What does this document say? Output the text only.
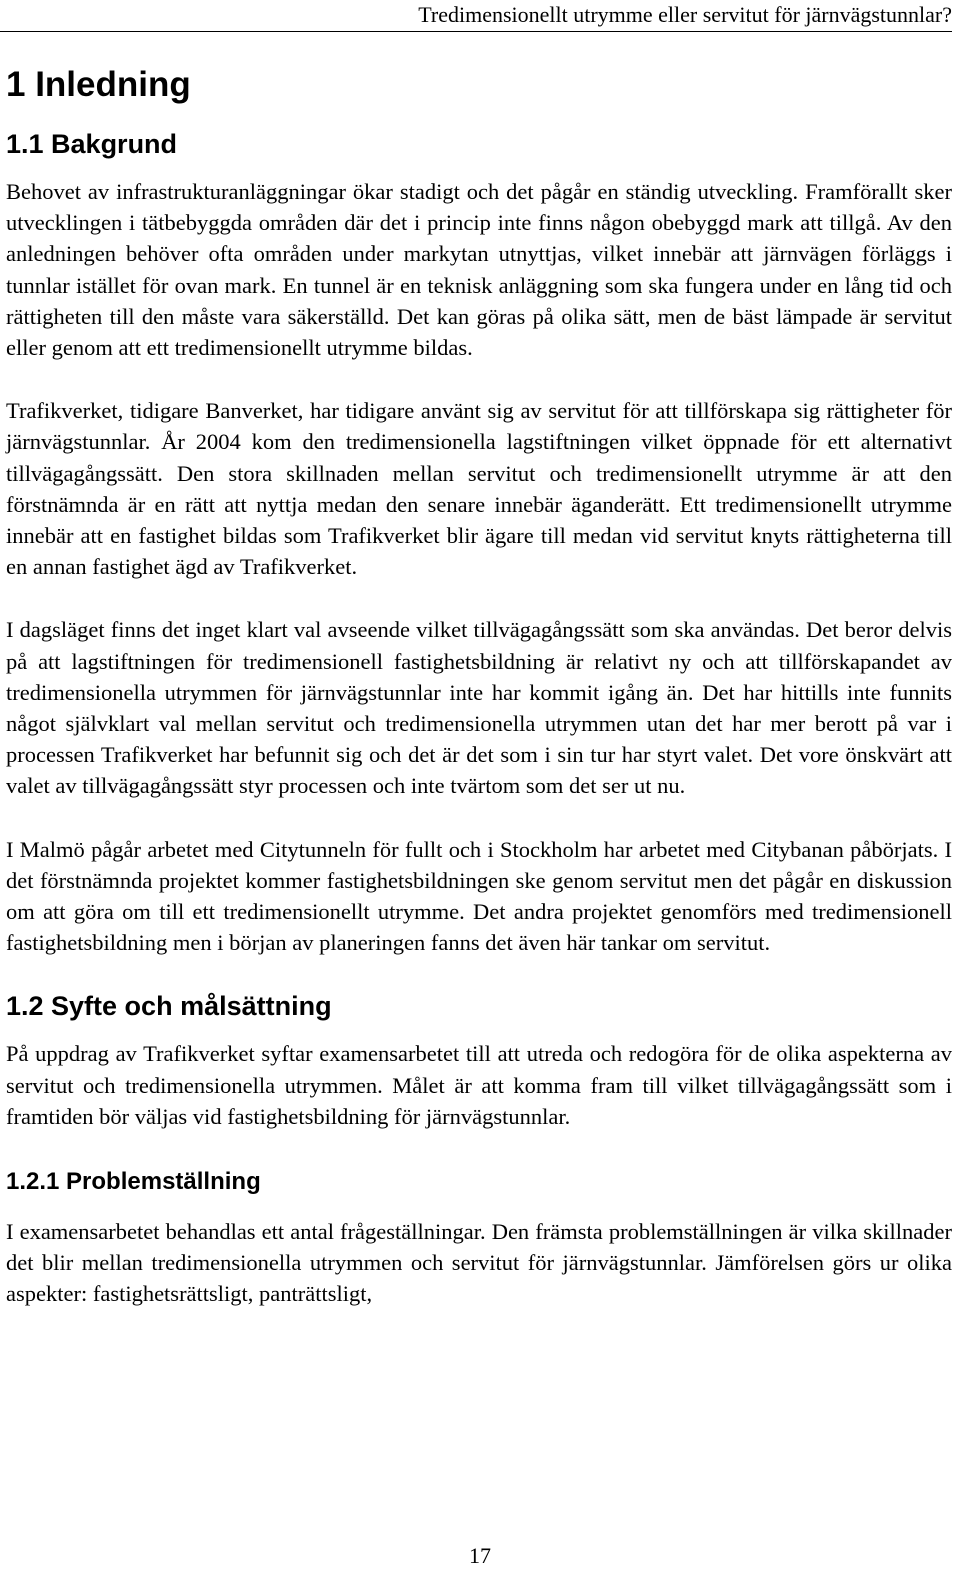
Tredimensionellt utrymme eller servitut för järnvägstunnlar?
1 Inledning
1.1 Bakgrund

Behovet av infrastrukturanläggningar ökar stadigt och det pågår en ständig utveckling. Framförallt sker utvecklingen i tätbebyggda områden där det i princip inte finns någon obebyggd mark att tillgå. Av den anledningen behöver ofta områden under markytan utnyttjas, vilket innebär att järnvägen förläggs i tunnlar istället för ovan mark. En tunnel är en teknisk anläggning som ska fungera under en lång tid och rättigheten till den måste vara säkerställd. Det kan göras på olika sätt, men de bäst lämpade är servitut eller genom att ett tredimensionellt utrymme bildas.

Trafikverket, tidigare Banverket, har tidigare använt sig av servitut för att tillförskapa sig rättigheter för järnvägstunnlar. År 2004 kom den tredimensionella lagstiftningen vilket öppnade för ett alternativt tillvägagångssätt. Den stora skillnaden mellan servitut och tredimensionellt utrymme är att den förstnämnda är en rätt att nyttja medan den senare innebär äganderätt. Ett tredimensionellt utrymme innebär att en fastighet bildas som Trafikverket blir ägare till medan vid servitut knyts rättigheterna till en annan fastighet ägd av Trafikverket.

I dagsläget finns det inget klart val avseende vilket tillvägagångssätt som ska användas. Det beror delvis på att lagstiftningen för tredimensionell fastighetsbildning är relativt ny och att tillförskapandet av tredimensionella utrymmen för järnvägstunnlar inte har kommit igång än. Det har hittills inte funnits något självklart val mellan servitut och tredimensionella utrymmen utan det har mer berott på var i processen Trafikverket har befunnit sig och det är det som i sin tur har styrt valet. Det vore önskvärt att valet av tillvägagångssätt styr processen och inte tvärtom som det ser ut nu.

I Malmö pågår arbetet med Citytunneln för fullt och i Stockholm har arbetet med Citybanan påbörjats. I det förstnämnda projektet kommer fastighetsbildningen ske genom servitut men det pågår en diskussion om att göra om till ett tredimensionellt utrymme. Det andra projektet genomförs med tredimensionell fastighetsbildning men i början av planeringen fanns det även här tankar om servitut.

1.2 Syfte och målsättning

På uppdrag av Trafikverket syftar examensarbetet till att utreda och redogöra för de olika aspekterna av servitut och tredimensionella utrymmen. Målet är att komma fram till vilket tillvägagångssätt som i framtiden bör väljas vid fastighetsbildning för järnvägstunnlar.

1.2.1 Problemställning

I examensarbetet behandlas ett antal frågeställningar. Den främsta problemställningen är vilka skillnader det blir mellan tredimensionella utrymmen och servitut för järnvägstunnlar. Jämförelsen görs ur olika aspekter: fastighetsrättsligt, panträttsligt,

17
